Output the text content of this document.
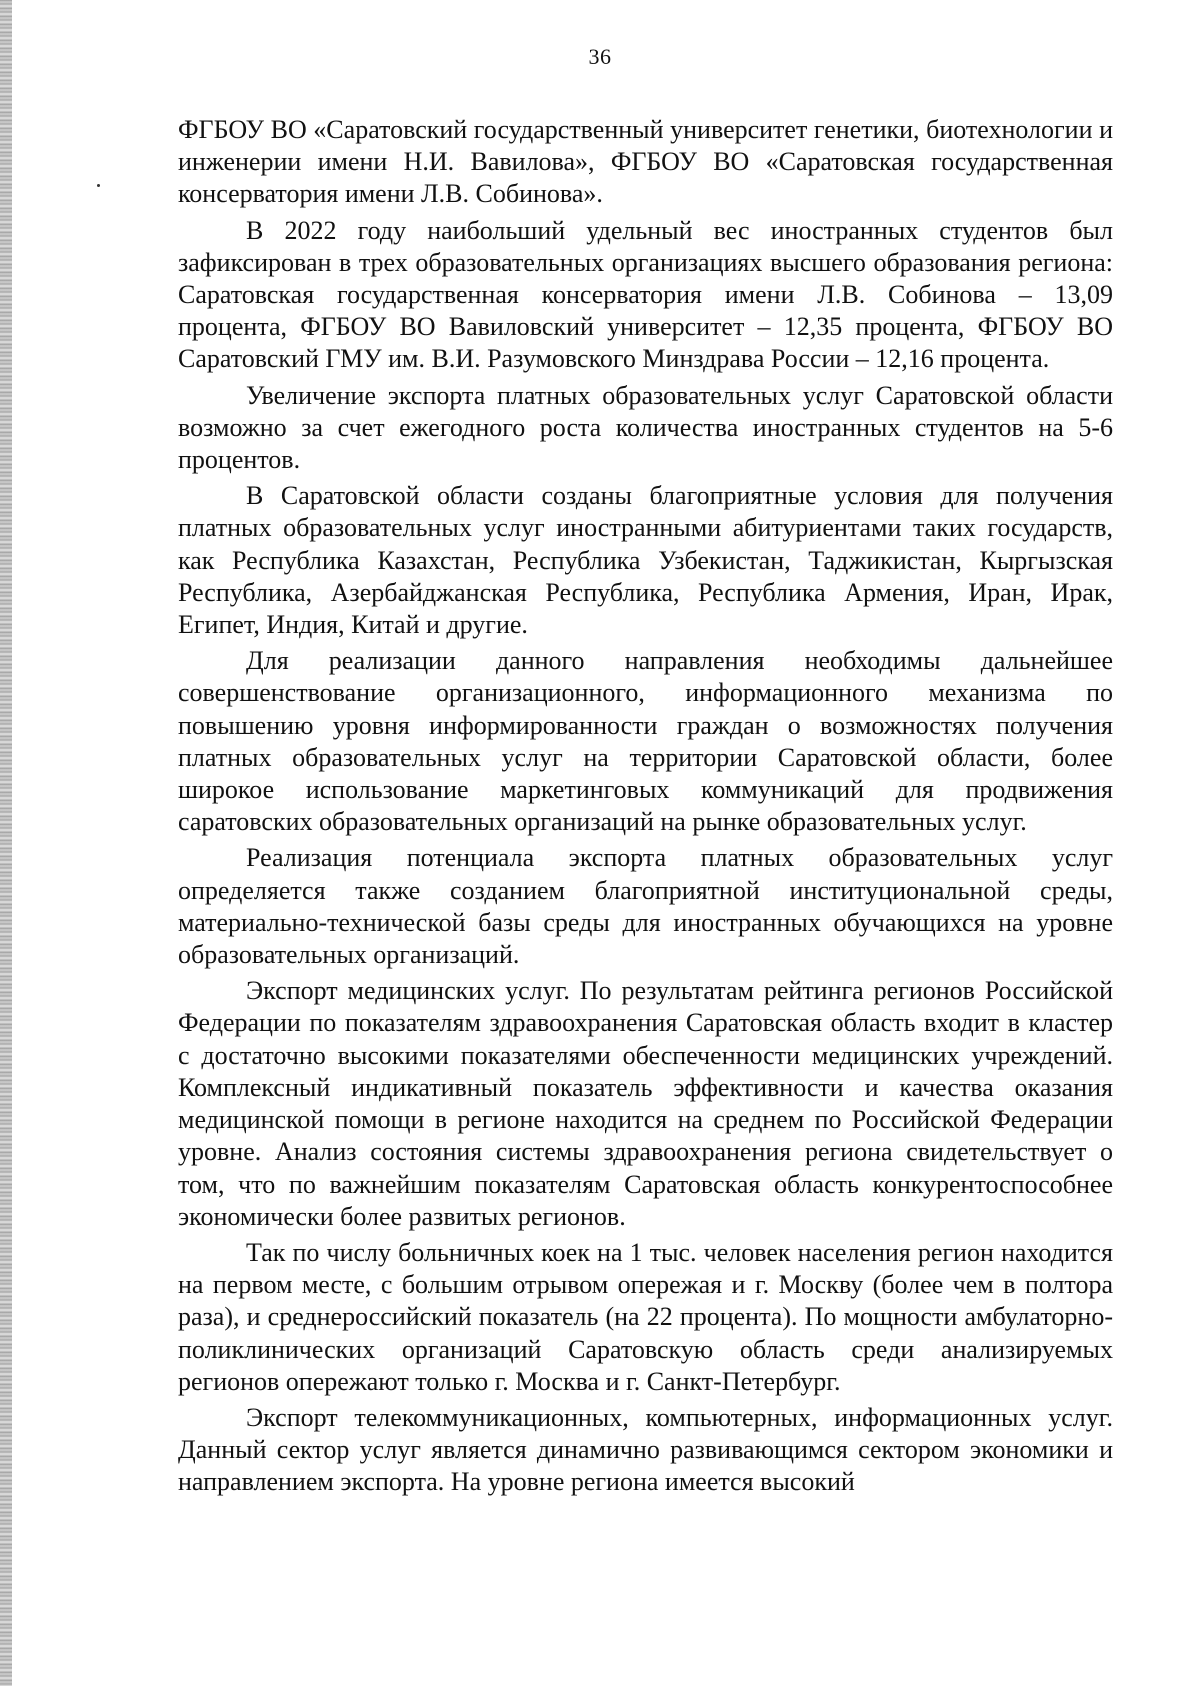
36

ФГБОУ ВО «Саратовский государственный университет генетики, биотехнологии и инженерии имени Н.И. Вавилова», ФГБОУ ВО «Саратовская государственная консерватория имени Л.В. Собинова».

В 2022 году наибольший удельный вес иностранных студентов был зафиксирован в трех образовательных организациях высшего образования региона: Саратовская государственная консерватория имени Л.В. Собинова – 13,09 процента, ФГБОУ ВО Вавиловский университет – 12,35 процента, ФГБОУ ВО Саратовский ГМУ им. В.И. Разумовского Минздрава России – 12,16 процента.

Увеличение экспорта платных образовательных услуг Саратовской области возможно за счет ежегодного роста количества иностранных студентов на 5-6 процентов.

В Саратовской области созданы благоприятные условия для получения платных образовательных услуг иностранными абитуриентами таких государств, как Республика Казахстан, Республика Узбекистан, Таджикистан, Кыргызская Республика, Азербайджанская Республика, Республика Армения, Иран, Ирак, Египет, Индия, Китай и другие.

Для реализации данного направления необходимы дальнейшее совершенствование организационного, информационного механизма по повышению уровня информированности граждан о возможностях получения платных образовательных услуг на территории Саратовской области, более широкое использование маркетинговых коммуникаций для продвижения саратовских образовательных организаций на рынке образовательных услуг.

Реализация потенциала экспорта платных образовательных услуг определяется также созданием благоприятной институциональной среды, материально-технической базы среды для иностранных обучающихся на уровне образовательных организаций.

Экспорт медицинских услуг. По результатам рейтинга регионов Российской Федерации по показателям здравоохранения Саратовская область входит в кластер с достаточно высокими показателями обеспеченности медицинских учреждений. Комплексный индикативный показатель эффективности и качества оказания медицинской помощи в регионе находится на среднем по Российской Федерации уровне. Анализ состояния системы здравоохранения региона свидетельствует о том, что по важнейшим показателям Саратовская область конкурентоспособнее экономически более развитых регионов.

Так по числу больничных коек на 1 тыс. человек населения регион находится на первом месте, с большим отрывом опережая и г. Москву (более чем в полтора раза), и среднероссийский показатель (на 22 процента). По мощности амбулаторно-поликлинических организаций Саратовскую область среди анализируемых регионов опережают только г. Москва и г. Санкт-Петербург.

Экспорт телекоммуникационных, компьютерных, информационных услуг. Данный сектор услуг является динамично развивающимся сектором экономики и направлением экспорта. На уровне региона имеется высокий
